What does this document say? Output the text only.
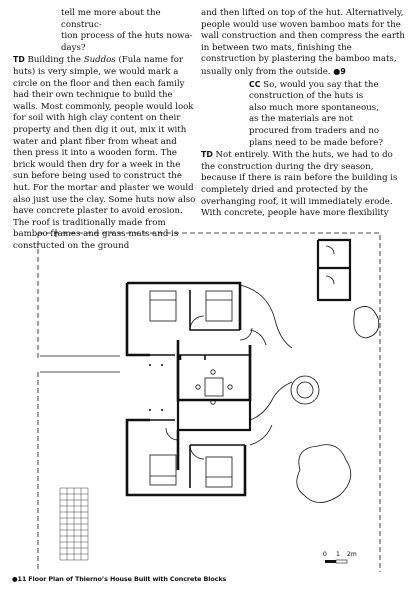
tell me more about the construc-
tion process of the huts nowa-
days?

TD Building the Suddos (Fula name for huts) is very simple, we would mark a circle on the floor and then each family had their own technique to build the walls. Most commonly, people would look for soil with high clay content on their property and then dig it out, mix it with water and plant fiber from wheat and then press it into a wooden form. The brick would then dry for a week in the sun before being used to construct the hut. For the mortar and plaster we would also just use the clay. Some huts now also have concrete plaster to avoid erosion. The roof is traditionally made from bamboo frames and grass mats and is constructed on the ground

and then lifted on top of the hut. Alternatively, people would use woven bamboo mats for the wall construction and then compress the earth in between two mats, finishing the construction by plastering the bamboo mats, usually only from the outside. ●9

CC So, would you say that the construction of the huts is also much more spontaneous, as the materials are not procured from traders and no plans need to be made before?

TD Not entirely. With the huts, we had to do the construction during the dry season, because if there is rain before the building is completely dried and protected by the overhanging roof, it will immediately erode. With concrete, people have more flexibility

0 1 2m
●11 Floor Plan of Thierno’s House Built with Concrete Blocks
